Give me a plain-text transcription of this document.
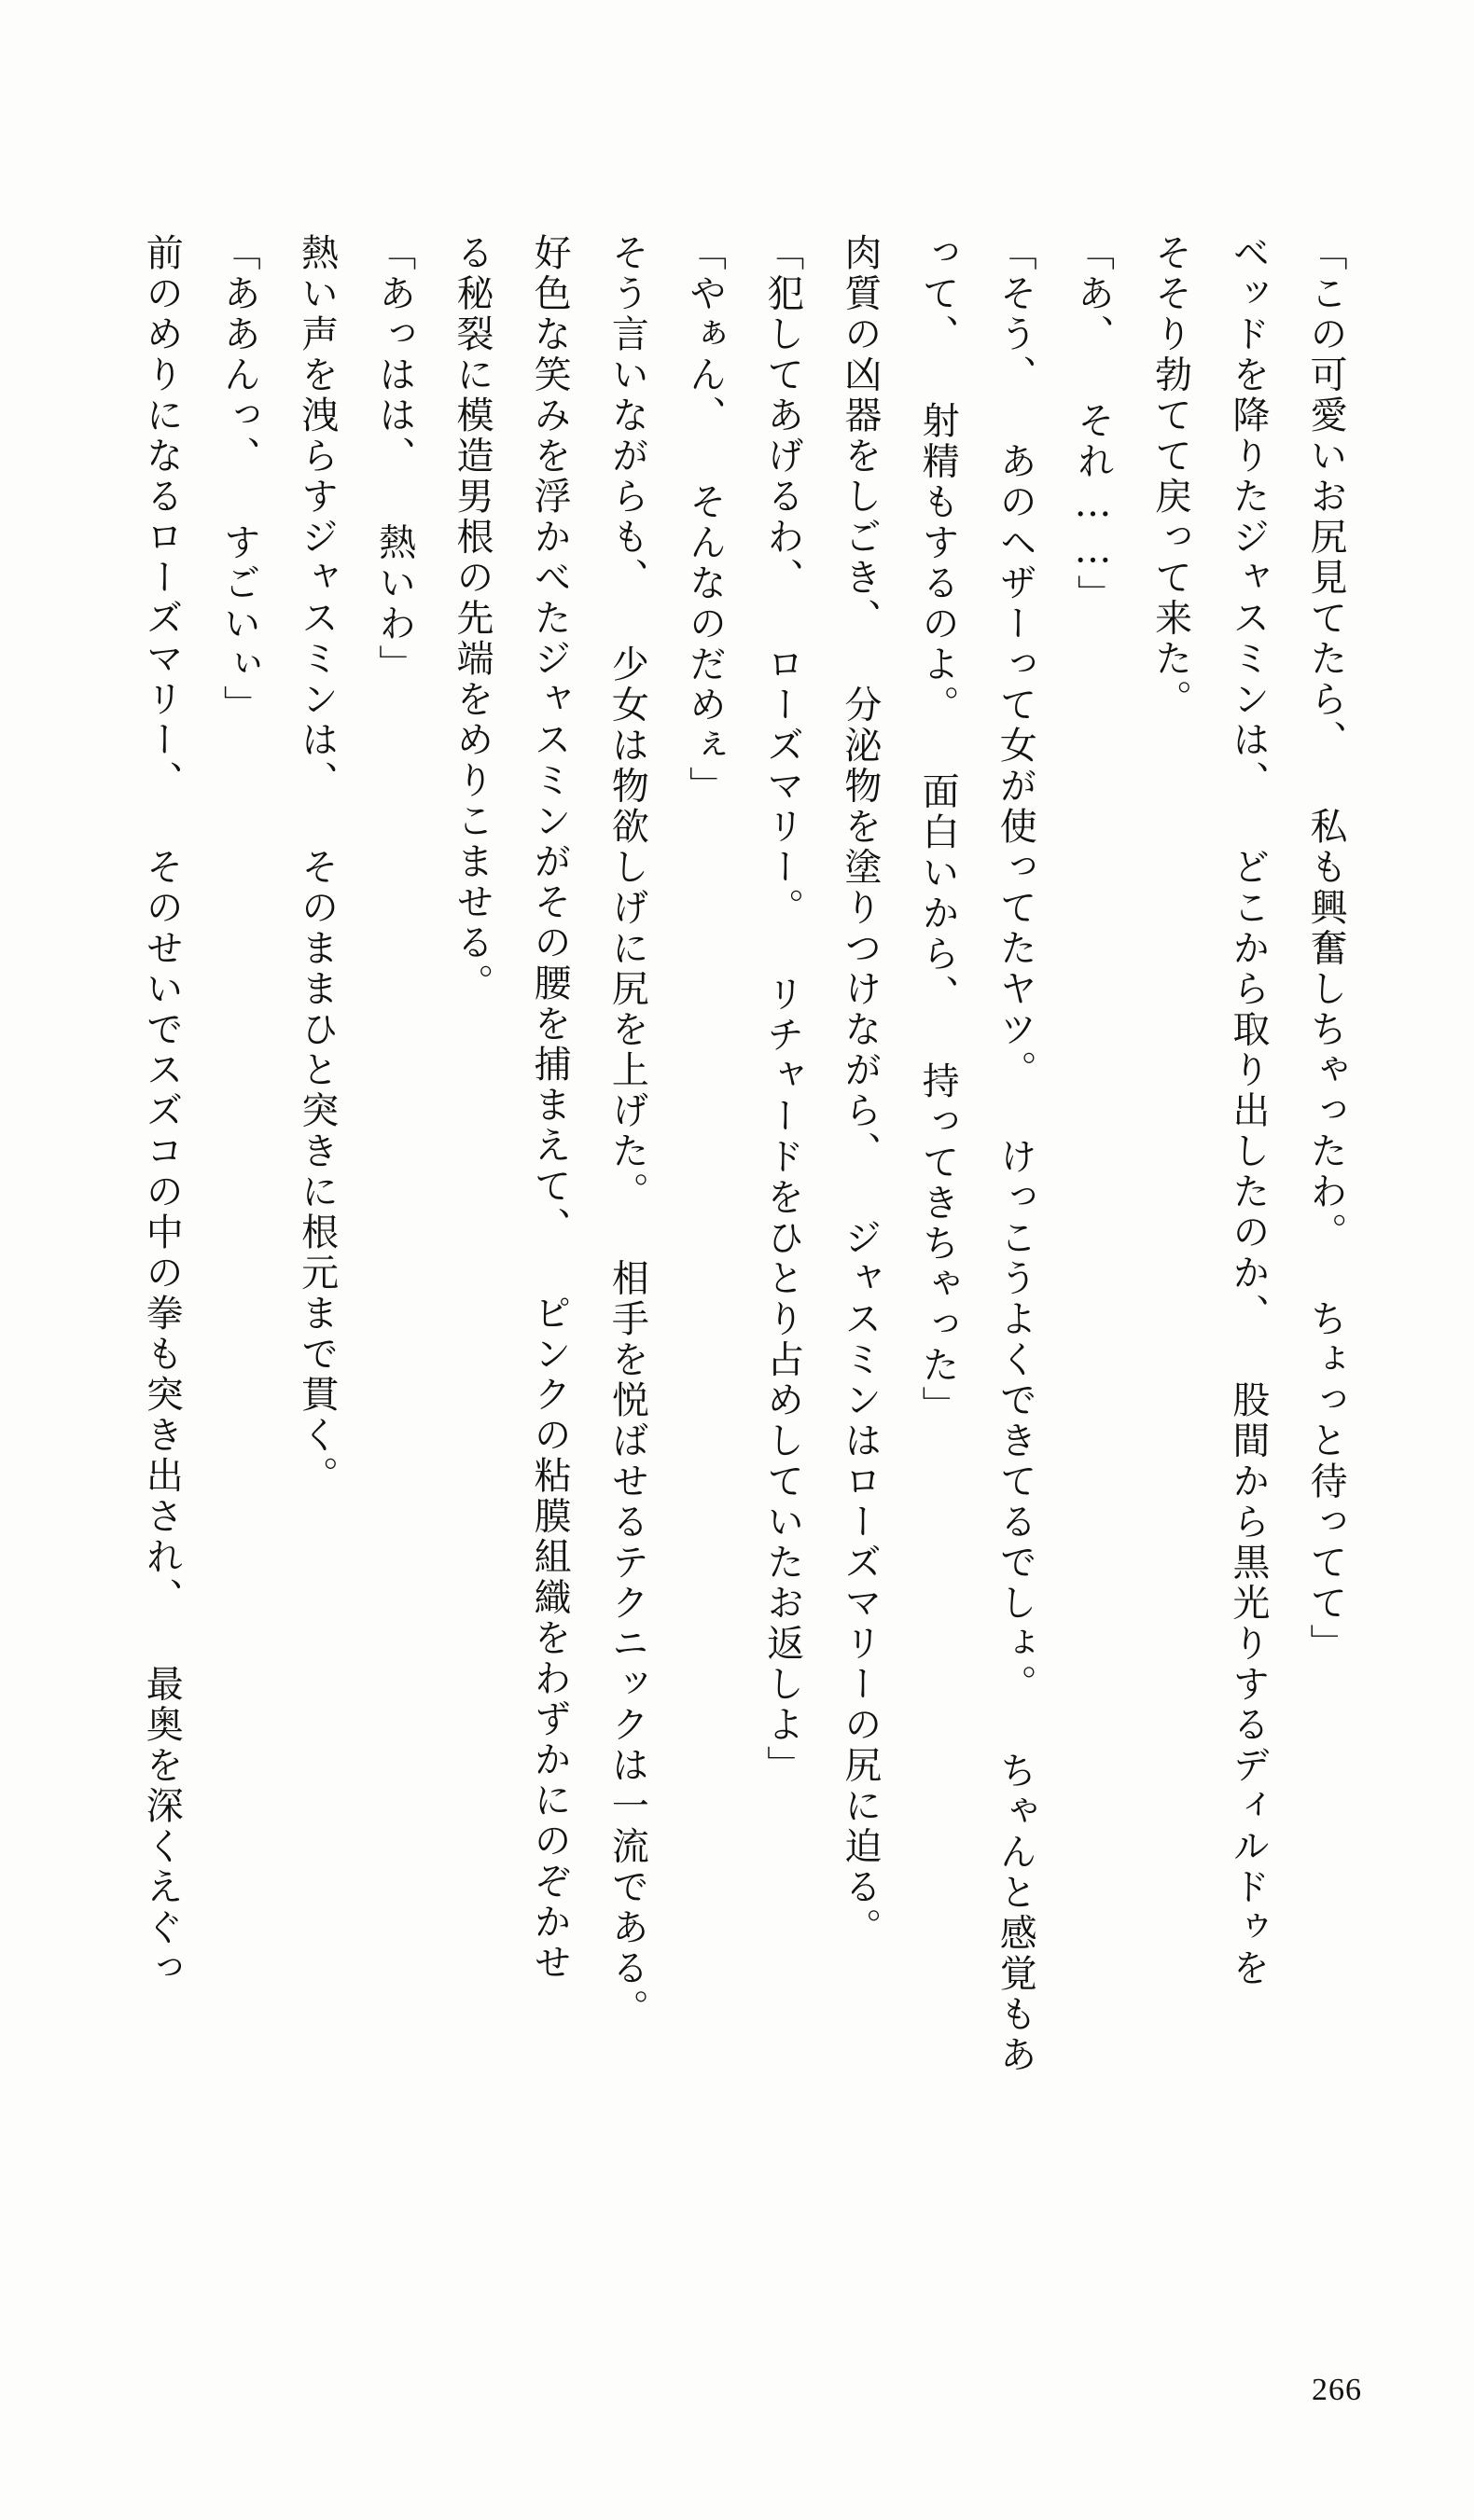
「この可愛いお尻見てたら、 私も興奮しちゃったわ。 ちょっと待ってて」

ベッドを降りたジャスミンは、 どこから取り出したのか、 股間から黒光りするディルドゥを

そそり勃てて戻って来た。

「あ、 それ……」

「そう、 あのヘザーって女が使ってたヤツ。 けっこうよくできてるでしょ。 ちゃんと感覚もあ

って、 射精もするのよ。 面白いから、 持ってきちゃった」

肉質の凶器をしごき、 分泌物を塗りつけながら、 ジャスミンはローズマリーの尻に迫る。

「犯してあげるわ、 ローズマリー。 リチャードをひとり占めしていたお返しよ」

「やぁん、 そんなのだめぇ」

そう言いながらも、 少女は物欲しげに尻を上げた。 相手を悦ばせるテクニックは一流である。

好色な笑みを浮かべたジャスミンがその腰を捕まえて、 ピンクの粘膜組織をわずかにのぞかせ

る秘裂に模造男根の先端をめりこませる。

「あっはは、 熱いわ」

熱い声を洩らすジャスミンは、 そのままひと突きに根元まで貫く。

「ああんっ、 すごいぃ」

前のめりになるローズマリー、 そのせいでスズコの中の拳も突き出され、 最奥を深くえぐっ

266
